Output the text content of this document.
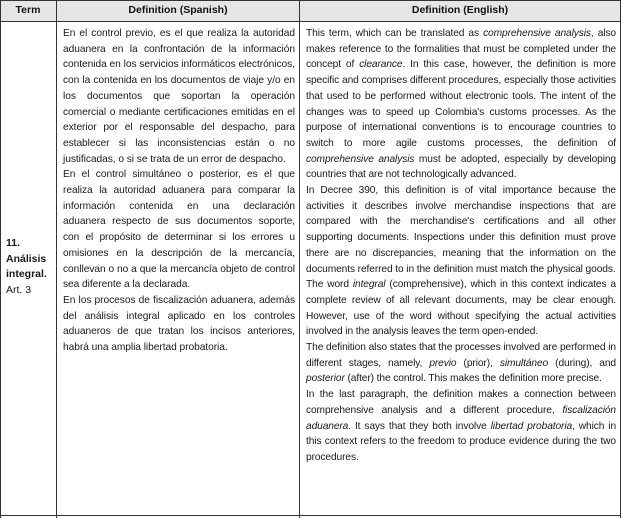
Term	Definition (Spanish)	Definition (English)
11.
Análisis
integral.
Art. 3

En el control previo, es el que realiza la autoridad aduanera en la confrontación de la información contenida en los servicios informáticos electrónicos, con la contenida en los documentos de viaje y/o en los documentos que soportan la operación comercial o mediante certificaciones emitidas en el exterior por el responsable del despacho, para establecer si las inconsistencias están o no justificadas, o si se trata de un error de despacho.

En el control simultáneo o posterior, es el que realiza la autoridad aduanera para comparar la información contenida en una declaración aduanera respecto de sus documentos soporte, con el propósito de determinar si los errores u omisiones en la descripción de la mercancía, conllevan o no a que la mercancía objeto de control sea diferente a la declarada.

En los procesos de fiscalización aduanera, además del análisis integral aplicado en los controles aduaneros de que tratan los incisos anteriores, habrá una amplia libertad probatoria.

This term, which can be translated as comprehensive analysis, also makes reference to the formalities that must be completed under the concept of clearance. In this case, however, the definition is more specific and comprises different procedures, especially those activities that used to be performed without electronic tools. The intent of the changes was to speed up Colombia's customs processes. As the purpose of international conventions is to encourage countries to switch to more agile customs processes, the definition of comprehensive analysis must be adopted, especially by developing countries that are not technologically advanced.

In Decree 390, this definition is of vital importance because the activities it describes involve merchandise inspections that are compared with the merchandise's certifications and all other supporting documents. Inspections under this definition must prove there are no discrepancies, meaning that the information on the documents referred to in the definition must match the physical goods.

The word integral (comprehensive), which in this context indicates a complete review of all relevant documents, may be clear enough. However, use of the word without specifying the actual activities involved in the analysis leaves the term open-ended.

The definition also states that the processes involved are performed in different stages, namely, previo (prior), simultáneo (during), and posterior (after) the control. This makes the definition more precise.

In the last paragraph, the definition makes a connection between comprehensive analysis and a different procedure, fiscalización aduanera. It says that they both involve libertad probatoria, which in this context refers to the freedom to produce evidence during the two procedures.
